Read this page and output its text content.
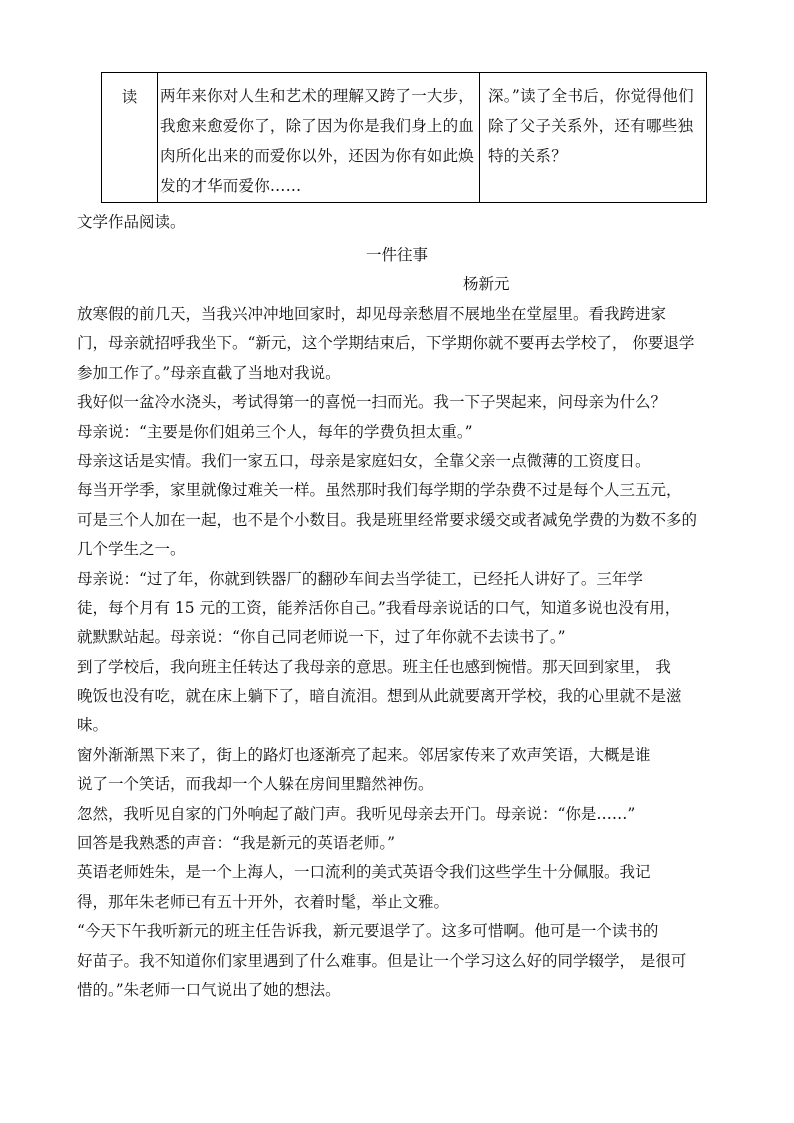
读	两年来你对人生和艺术的理解又跨了一大步，
我愈来愈爱你了，除了因为你是我们身上的血
肉所化出来的而爱你以外，还因为你有如此焕
发的才华而爱你……
深。”读了全书后，你觉得他们
除了父子关系外，还有哪些独
特的关系？
文学作品阅读。
一件往事
杨新元
放寒假的前几天，当我兴冲冲地回家时，却见母亲愁眉不展地坐在堂屋里。看我跨进家
门，母亲就招呼我坐下。“新元，这个学期结束后，下学期你就不要再去学校了， 你要退学
参加工作了。”母亲直截了当地对我说。
我好似一盆冷水浇头，考试得第一的喜悦一扫而光。我一下子哭起来，问母亲为什么？
母亲说：“主要是你们姐弟三个人，每年的学费负担太重。”
母亲这话是实情。我们一家五口，母亲是家庭妇女，全靠父亲一点微薄的工资度日。
每当开学季，家里就像过难关一样。虽然那时我们每学期的学杂费不过是每个人三五元，
可是三个人加在一起，也不是个小数目。我是班里经常要求缓交或者减免学费的为数不多的
几个学生之一。
母亲说：“过了年，你就到铁器厂的翻砂车间去当学徒工，已经托人讲好了。三年学
徒，每个月有 15 元的工资，能养活你自己。”我看母亲说话的口气，知道多说也没有用，
就默默站起。母亲说：“你自己同老师说一下，过了年你就不去读书了。”
到了学校后，我向班主任转达了我母亲的意思。班主任也感到惋惜。那天回到家里， 我
晚饭也没有吃，就在床上躺下了，暗自流泪。想到从此就要离开学校，我的心里就不是滋
味。
窗外渐渐黑下来了，街上的路灯也逐渐亮了起来。邻居家传来了欢声笑语，大概是谁
说了一个笑话，而我却一个人躲在房间里黯然神伤。
忽然，我听见自家的门外响起了敲门声。我听见母亲去开门。母亲说：“你是……”
回答是我熟悉的声音：“我是新元的英语老师。”
英语老师姓朱，是一个上海人，一口流利的美式英语令我们这些学生十分佩服。我记
得，那年朱老师已有五十开外，衣着时髦，举止文雅。
“今天下午我听新元的班主任告诉我，新元要退学了。这多可惜啊。他可是一个读书的
好苗子。我不知道你们家里遇到了什么难事。但是让一个学习这么好的同学辍学， 是很可
惜的。”朱老师一口气说出了她的想法。
